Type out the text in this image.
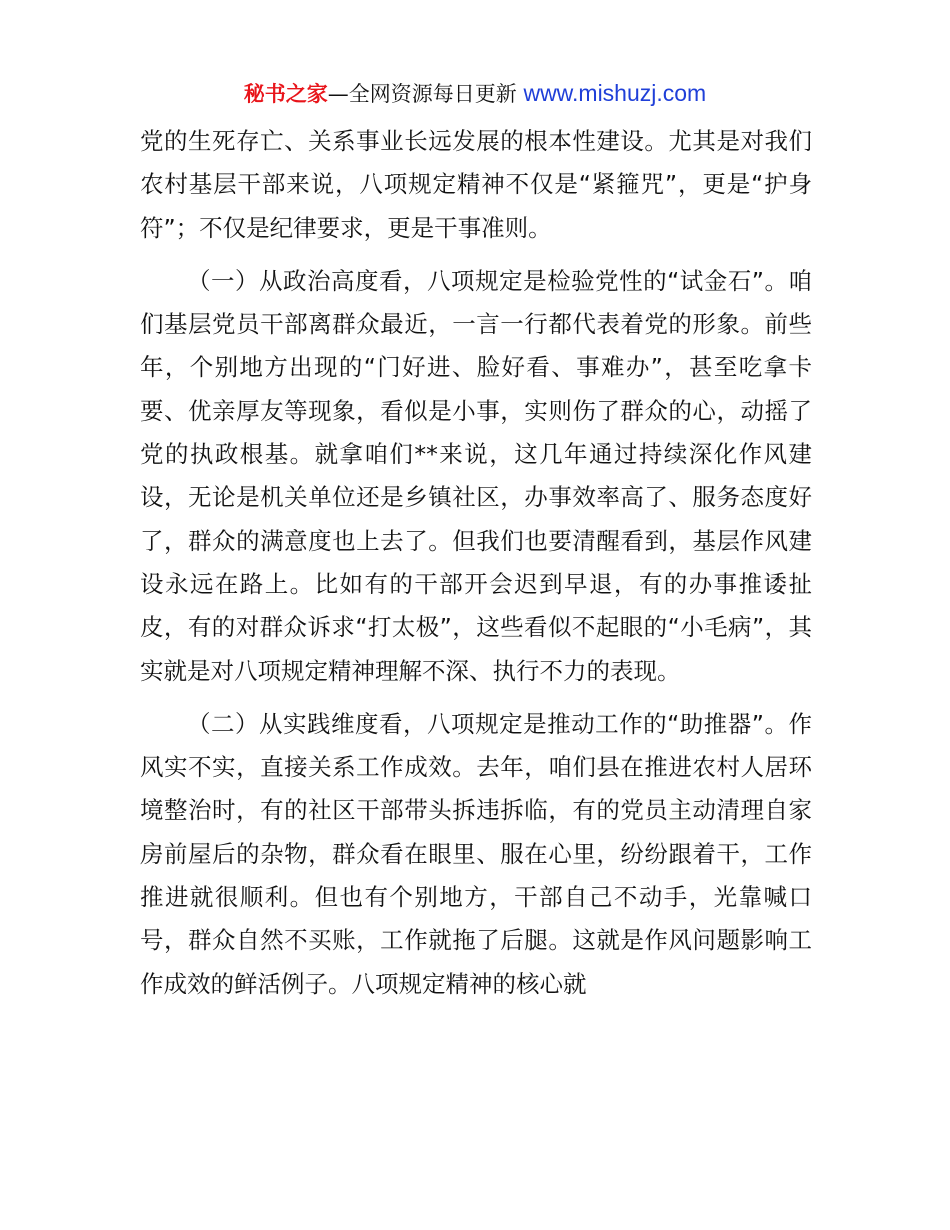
秘书之家—全网资源每日更新 www.mishuzj.com

党的生死存亡、关系事业长远发展的根本性建设。尤其是对我们农村基层干部来说，八项规定精神不仅是“紧箍咒”，更是“护身符”；不仅是纪律要求，更是干事准则。

（一）从政治高度看，八项规定是检验党性的“试金石”。咱们基层党员干部离群众最近，一言一行都代表着党的形象。前些年，个别地方出现的“门好进、脸好看、事难办”，甚至吃拿卡要、优亲厚友等现象，看似是小事，实则伤了群众的心，动摇了党的执政根基。就拿咱们**来说，这几年通过持续深化作风建设，无论是机关单位还是乡镇社区，办事效率高了、服务态度好了，群众的满意度也上去了。但我们也要清醒看到，基层作风建设永远在路上。比如有的干部开会迟到早退，有的办事推诿扯皮，有的对群众诉求“打太极”，这些看似不起眼的“小毛病”，其实就是对八项规定精神理解不深、执行不力的表现。

（二）从实践维度看，八项规定是推动工作的“助推器”。作风实不实，直接关系工作成效。去年，咱们县在推进农村人居环境整治时，有的社区干部带头拆违拆临，有的党员主动清理自家房前屋后的杂物，群众看在眼里、服在心里，纷纷跟着干，工作推进就很顺利。但也有个别地方，干部自己不动手，光靠喊口号，群众自然不买账，工作就拖了后腿。这就是作风问题影响工作成效的鲜活例子。八项规定精神的核心就
